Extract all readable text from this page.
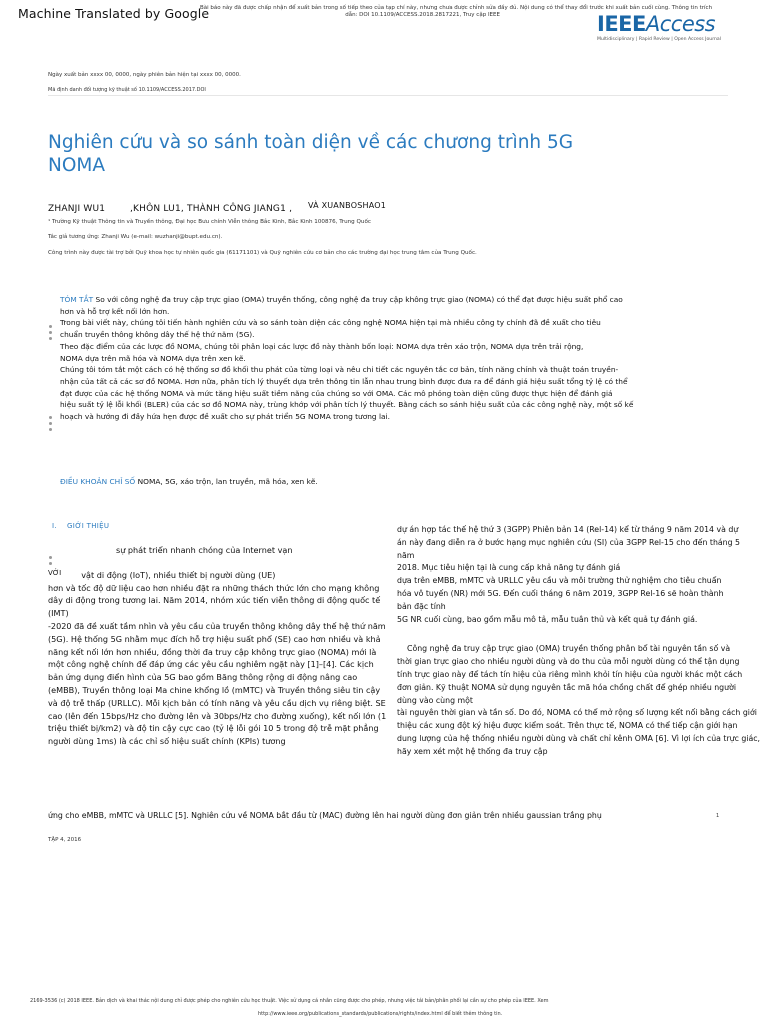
Machine Translated by Google
Bài báo này đã được chấp nhận để xuất bản trong số tiếp theo của tạp chí này, nhưng chưa được chỉnh sửa đầy đủ. Nội dung có thể thay đổi trước khi xuất bản cuối cùng. Thông tin trích
dẫn: DOI 10.1109/ACCESS.2018.2817221, Truy cập IEEE	IEEEAccess
Multidisciplinary | Rapid Review | Open Access Journal
Ngày xuất bản xxxx 00, 0000, ngày phiên bản hiện tại xxxx 00, 0000.
Mã định danh đối tượng kỹ thuật số 10.1109/ACCESS.2017.DOI
Nghiên cứu và so sánh toàn diện về các chương trình 5G NOMA
ZHANJI WU1	,KHÔN LU1, THÀNH CÔNG JIANG1 , VÀ XUANBOSHAO1
¹ Trường Kỹ thuật Thông tin và Truyền thông, Đại học Bưu chính Viễn thông Bắc Kinh, Bắc Kinh 100876, Trung Quốc
Tác giả tương ứng: Zhanji Wu (e-mail: wuzhanji@bupt.edu.cn).
Công trình này được tài trợ bởi Quỹ khoa học tự nhiên quốc gia (61171101) và Quỹ nghiên cứu cơ bản cho các trường đại học trung tâm của Trung Quốc.
TÓM TẮT So với công nghệ đa truy cập trực giao (OMA) truyền thống, công nghệ đa truy cập không trực giao (NOMA) có thể đạt được hiệu suất phổ cao
hơn và hỗ trợ kết nối lớn hơn.
Trong bài viết này, chúng tôi tiến hành nghiên cứu và so sánh toàn diện các công nghệ NOMA hiện tại mà nhiều công ty chính đã đề xuất cho tiêu
chuẩn truyền thông không dây thế hệ thứ năm (5G).
Theo đặc điểm của các lược đồ NOMA, chúng tôi phân loại các lược đồ này thành bốn loại: NOMA dựa trên xáo trộn, NOMA dựa trên trải rộng,
NOMA dựa trên mã hóa và NOMA dựa trên xen kẽ.
Chúng tôi tóm tắt một cách có hệ thống sơ đồ khối thu phát của từng loại và nêu chi tiết các nguyên tắc cơ bản, tính năng chính và thuật toán truyền-
nhận của tất cả các sơ đồ NOMA. Hơn nữa, phân tích lý thuyết dựa trên thông tin lẫn nhau trung bình được đưa ra để đánh giá hiệu suất tổng tỷ lệ có thể
đạt được của các hệ thống NOMA và mức tăng hiệu suất tiềm năng của chúng so với OMA. Các mô phỏng toàn diện cũng được thực hiện để đánh giá
hiệu suất tỷ lệ lỗi khối (BLER) của các sơ đồ NOMA này, trùng khớp với phân tích lý thuyết. Bằng cách so sánh hiệu suất của các công nghệ này, một số kế
hoạch và hướng đi đầy hứa hẹn được đề xuất cho sự phát triển 5G NOMA trong tương lai.
ĐIỀU KHOẢN CHỈ SỐ NOMA, 5G, xáo trộn, lan truyền, mã hóa, xen kẽ.
I. GIỚI THIỆU
sự phát triển nhanh chóng của Internet vạn
VỚI vật di động (IoT), nhiều thiết bị người dùng (UE)
hơn và tốc độ dữ liệu cao hơn nhiều đặt ra những thách thức lớn cho mạng không
dây di động trong tương lai. Năm 2014, nhóm xúc tiến viễn thông di động quốc tế
(IMT)
-2020 đã đề xuất tầm nhìn và yêu cầu của truyền thông không dây thế hệ thứ năm
(5G). Hệ thống 5G nhằm mục đích hỗ trợ hiệu suất phổ (SE) cao hơn nhiều và khả
năng kết nối lớn hơn nhiều, đồng thời đa truy cập không trực giao (NOMA) mới là
một công nghệ chính để đáp ứng các yêu cầu nghiêm ngặt này [1]–[4]. Các kịch
bản ứng dụng điển hình của 5G bao gồm Băng thông rộng di động nâng cao
(eMBB), Truyền thông loại Ma chine khổng lồ (mMTC) và Truyền thông siêu tin cậy
và độ trễ thấp (URLLC). Mỗi kịch bản có tính năng và yêu cầu dịch vụ riêng biệt. SE
cao (lên đến 15bps/Hz cho đường lên và 30bps/Hz cho đường xuống), kết nối lớn (1
triệu thiết bị/km2) và độ tin cậy cực cao (tỷ lệ lỗi gói 10 5 trong độ trễ mặt phẳng
người dùng 1ms) là các chỉ số hiệu suất chính (KPIs) tương
dự án hợp tác thế hệ thứ 3 (3GPP) Phiên bản 14 (Rel-14) kể từ tháng 9 năm 2014 và dự
án này đang diễn ra ở bước hạng mục nghiên cứu (SI) của 3GPP Rel-15 cho đến tháng 5
năm
2018. Mục tiêu hiện tại là cung cấp khả năng tự đánh giá
dựa trên eMBB, mMTC và URLLC yêu cầu và môi trường thử nghiệm cho tiêu chuẩn
hóa vô tuyến (NR) mới 5G. Đến cuối tháng 6 năm 2019, 3GPP Rel-16 sẽ hoàn thành
bản đặc tính
5G NR cuối cùng, bao gồm mẫu mô tả, mẫu tuân thủ và kết quả tự đánh giá.
Công nghệ đa truy cập trực giao (OMA) truyền thống phân bổ tài nguyên tần số và
thời gian trực giao cho nhiều người dùng và do thu của mỗi người dùng có thể tận dụng
tính trực giao này để tách tín hiệu của riêng mình khỏi tín hiệu của người khác một cách
đơn giản. Kỹ thuật NOMA sử dụng nguyên tắc mã hóa chồng chất để ghép nhiều người
dùng vào cùng một
tài nguyên thời gian và tần số. Do đó, NOMA có thể mở rộng số lượng kết nối bằng cách giới
thiệu các xung đột ký hiệu được kiểm soát. Trên thực tế, NOMA có thể tiếp cận giới hạn
dung lượng của hệ thống nhiều người dùng và chất chỉ kênh OMA [6]. Vì lợi ích của trực giác,
hãy xem xét một hệ thống đa truy cập
ứng cho eMBB, mMTC và URLLC [5]. Nghiên cứu về NOMA bắt đầu từ (MAC) đường lên hai người dùng đơn giản trên nhiều gaussian trắng phụ
TẬP 4, 2016
1
2169-3536 (c) 2018 IEEE. Bản dịch và khai thác nội dung chỉ được phép cho nghiên cứu học thuật. Việc sử dụng cá nhân cũng được cho phép, nhưng việc tái bản/phân phối lại cần sự cho phép của IEEE. Xem
http://www.ieee.org/publications_standards/publications/rights/index.html để biết thêm thông tin.
